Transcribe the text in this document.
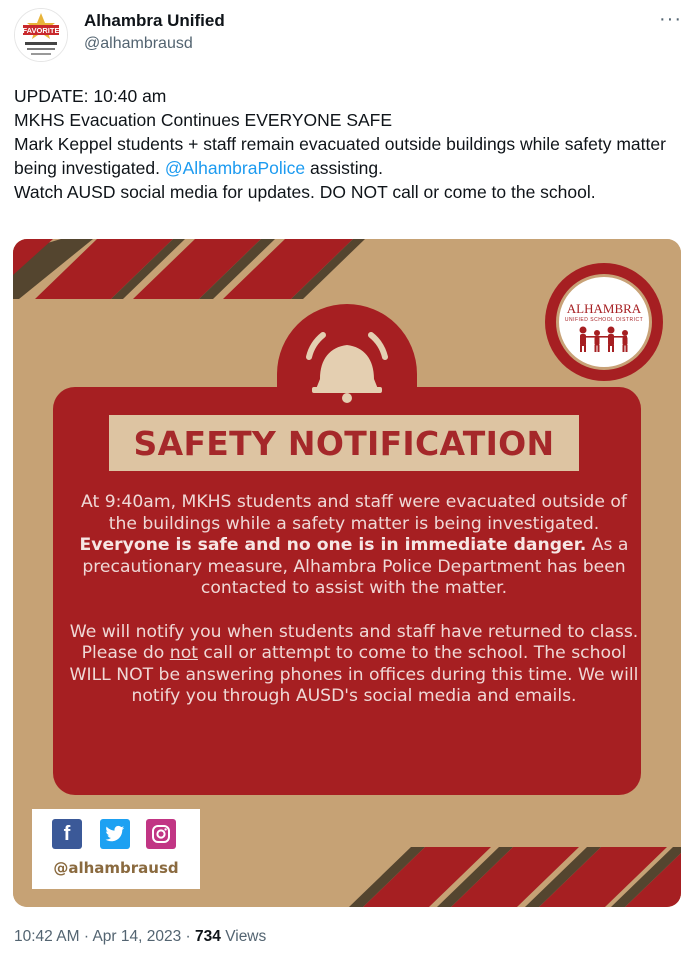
FAVORITE
Alhambra Unified
@alhambrausd
···

UPDATE: 10:40 am

MKHS Evacuation Continues EVERYONE SAFE

Mark Keppel students + staff remain evacuated outside buildings while safety matter being investigated. @AlhambraPolice assisting.

Watch AUSD social media for updates. DO NOT call or come to the school.

ALHAMBRA
UNIFIED SCHOOL DISTRICT
SAFETY NOTIFICATION

At 9:40am, MKHS students and staff were evacuated outside of the buildings while a safety matter is being investigated. Everyone is safe and no one is in immediate danger. As a precautionary measure, Alhambra Police Department has been contacted to assist with the matter.

We will notify you when students and staff have returned to class. Please do not call or attempt to come to the school. The school WILL NOT be answering phones in offices during this time. We will notify you through AUSD's social media and emails.

f
@alhambrausd
10:42 AM · Apr 14, 2023 · 734 Views
